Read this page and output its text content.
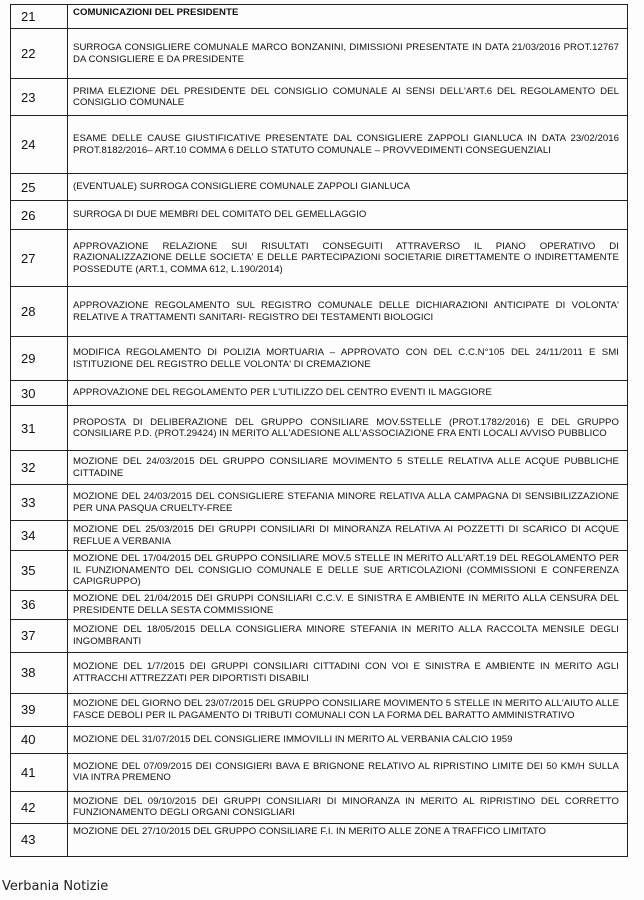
21	COMUNICAZIONI DEL PRESIDENTE
22	SURROGA CONSIGLIERE COMUNALE MARCO BONZANINI, DIMISSIONI PRESENTATE IN DATA 21/03/2016 PROT.12767 DA CONSIGLIERE E DA PRESIDENTE
23	PRIMA ELEZIONE DEL PRESIDENTE DEL CONSIGLIO COMUNALE AI SENSI DELL'ART.6 DEL REGOLAMENTO DEL CONSIGLIO COMUNALE
24	ESAME DELLE CAUSE GIUSTIFICATIVE PRESENTATE DAL CONSIGLIERE ZAPPOLI GIANLUCA IN DATA 23/02/2016 PROT.8182/2016– ART.10 COMMA 6 DELLO STATUTO COMUNALE – PROVVEDIMENTI CONSEGUENZIALI
25	(EVENTUALE) SURROGA CONSIGLIERE COMUNALE ZAPPOLI GIANLUCA
26	SURROGA DI DUE MEMBRI DEL COMITATO DEL GEMELLAGGIO
27	APPROVAZIONE RELAZIONE SUI RISULTATI CONSEGUITI ATTRAVERSO IL PIANO OPERATIVO DI RAZIONALIZZAZIONE DELLE SOCIETA' E DELLE PARTECIPAZIONI SOCIETARIE DIRETTAMENTE O INDIRETTAMENTE POSSEDUTE (ART.1, COMMA 612, L.190/2014)
28	APPROVAZIONE REGOLAMENTO SUL REGISTRO COMUNALE DELLE DICHIARAZIONI ANTICIPATE DI VOLONTA' RELATIVE A TRATTAMENTI SANITARI- REGISTRO DEI TESTAMENTI BIOLOGICI
29	MODIFICA REGOLAMENTO DI POLIZIA MORTUARIA – APPROVATO CON DEL C.C.N°105 DEL 24/11/2011 E SMI ISTITUZIONE DEL REGISTRO DELLE VOLONTA' DI CREMAZIONE
30	APPROVAZIONE DEL REGOLAMENTO PER L'UTILIZZO DEL CENTRO EVENTI IL MAGGIORE
31	PROPOSTA DI DELIBERAZIONE DEL GRUPPO CONSILIARE MOV.5STELLE (PROT.1782/2016) E DEL GRUPPO CONSILIARE P.D. (PROT.29424) IN MERITO ALL'ADESIONE ALL'ASSOCIAZIONE FRA ENTI LOCALI AVVISO PUBBLICO
32	MOZIONE DEL 24/03/2015 DEL GRUPPO CONSILIARE MOVIMENTO 5 STELLE RELATIVA ALLE ACQUE PUBBLICHE CITTADINE
33	MOZIONE DEL 24/03/2015 DEL CONSIGLIERE STEFANIA MINORE RELATIVA ALLA CAMPAGNA DI SENSIBILIZZAZIONE PER UNA PASQUA CRUELTY-FREE
34	MOZIONE DEL 25/03/2015 DEI GRUPPI CONSILIARI DI MINORANZA RELATIVA AI POZZETTI DI SCARICO DI ACQUE REFLUE A VERBANIA
35	MOZIONE DEL 17/04/2015 DEL GRUPPO CONSILIARE MOV.5 STELLE IN MERITO ALL'ART.19 DEL REGOLAMENTO PER IL FUNZIONAMENTO DEL CONSIGLIO COMUNALE E DELLE SUE ARTICOLAZIONI (COMMISSIONI E CONFERENZA CAPIGRUPPO)
36	MOZIONE DEL 21/04/2015 DEI GRUPPI CONSILIARI C.C.V. E SINISTRA E AMBIENTE IN MERITO ALLA CENSURA DEL PRESIDENTE DELLA SESTA COMMISSIONE
37	MOZIONE DEL 18/05/2015 DELLA CONSIGLIERA MINORE STEFANIA IN MERITO ALLA RACCOLTA MENSILE DEGLI INGOMBRANTI
38	MOZIONE DEL 1/7/2015 DEI GRUPPI CONSILIARI CITTADINI CON VOI E SINISTRA E AMBIENTE IN MERITO AGLI ATTRACCHI ATTREZZATI PER DIPORTISTI DISABILI
39	MOZIONE DEL GIORNO DEL 23/07/2015 DEL GRUPPO CONSILIARE MOVIMENTO 5 STELLE IN MERITO ALL'AIUTO ALLE FASCE DEBOLI PER IL PAGAMENTO DI TRIBUTI COMUNALI CON LA FORMA DEL BARATTO AMMINISTRATIVO
40	MOZIONE DEL 31/07/2015 DEL CONSIGLIERE IMMOVILLI IN MERITO AL VERBANIA CALCIO 1959
41	MOZIONE DEL 07/09/2015 DEI CONSIGIERI BAVA E BRIGNONE RELATIVO AL RIPRISTINO LIMITE DEI 50 KM/H SULLA VIA INTRA PREMENO
42	MOZIONE DEL 09/10/2015 DEI GRUPPI CONSILIARI DI MINORANZA IN MERITO AL RIPRISTINO DEL CORRETTO FUNZIONAMENTO DEGLI ORGANI CONSIGLIARI
43	MOZIONE DEL 27/10/2015 DEL GRUPPO CONSILIARE F.I. IN MERITO ALLE ZONE A TRAFFICO LIMITATO
Verbania Notizie
